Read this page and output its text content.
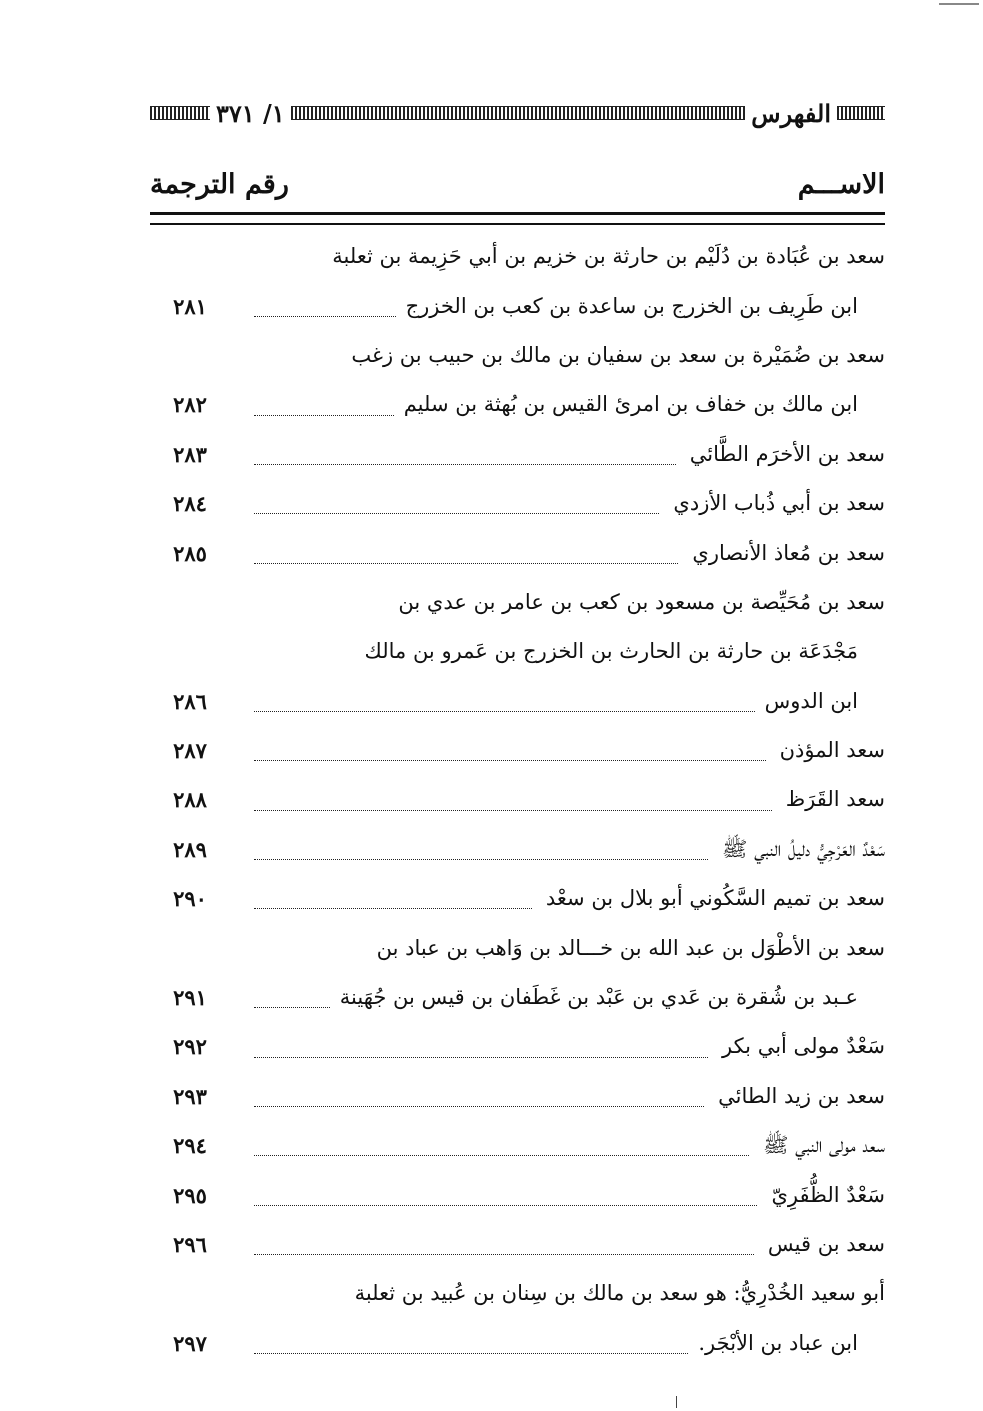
الفهرس
١/ ٣٧١
الاســـم
رقم الترجمة
سعد بن عُبَادة بن دُلَيْم بن حارثة بن خزيم بن أبي حَزِيمة بن ثعلبة
ابن طَرِيف بن الخزرج بن ساعدة بن كعب بن الخزرج
٢٨١
سعد بن ضُمَيْرة بن سعد بن سفيان بن مالك بن حبيب بن زغب
ابن مالك بن خفاف بن امرئ القيس بن بُهثة بن سليم
٢٨٢
سعد بن الأخرَم الطَّائي
٢٨٣
سعد بن أبي ذُباب الأزدي
٢٨٤
سعد بن مُعاذ الأنصاري
٢٨٥
سعد بن مُحَيِّصة بن مسعود بن كعب بن عامر بن عدي بن
مَجْدَعَة بن حارثة بن الحارث بن الخزرج بن عَمرو بن مالك
ابن الدوس
٢٨٦
سعد المؤذن
٢٨٧
سعد القَرَظ
٢٨٨
سَعْدٌ العَرْجِيُّ دليلُ النبي ﷺ
٢٨٩
سعد بن تميم السَّكُوني أبو بلال بن سعْد
٢٩٠
سعد بن الأطْوَل بن عبد الله بن خـــالد بن وَاهب بن عباد بن
عـبد بن شُقرة بن عَدي بن عَبْد بن غَطَفان بن قيس بن جُهَينة
٢٩١
سَعْدٌ مولى أبي بكر
٢٩٢
سعد بن زيد الطائي
٢٩٣
سعد مولى النبي ﷺ
٢٩٤
سَعْدٌ الظُّفَرِيّ
٢٩٥
سعد بن قيس
٢٩٦
أبو سعيد الخُدْرِيُّ: هو سعد بن مالك بن سِنان بن عُبيد بن ثعلبة
ابن عباد بن الأبْجَر.
٢٩٧
